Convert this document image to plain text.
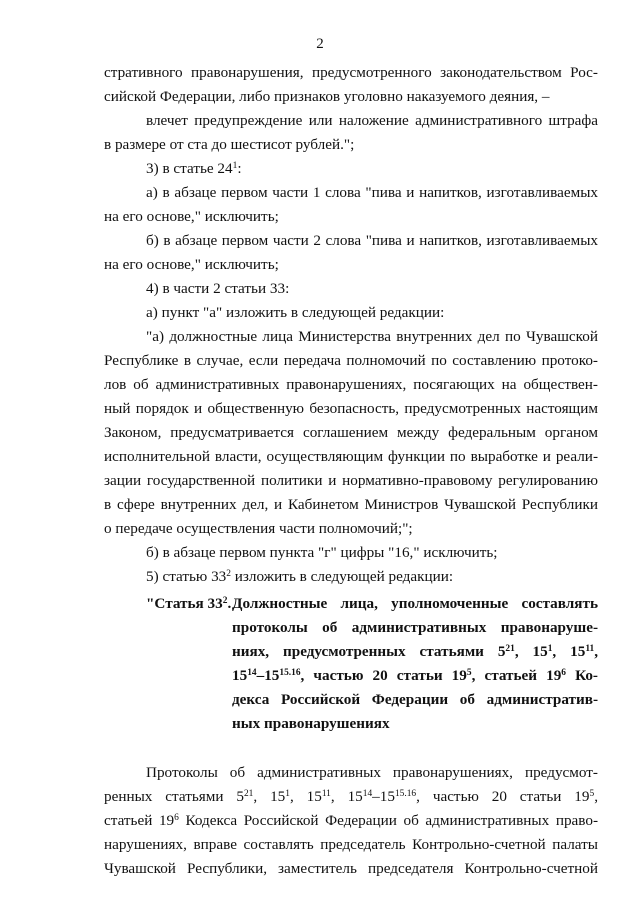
2
стративного правонарушения, предусмотренного законодательством Рос-
сийской Федерации, либо признаков уголовно наказуемого деяния, –
влечет предупреждение или наложение административного штрафа
в размере от ста до шестисот рублей.";
3) в статье $24^1$:
а) в абзаце первом части 1 слова "пива и напитков, изготавливаемых
на его основе," исключить;
б) в абзаце первом части 2 слова "пива и напитков, изготавливаемых
на его основе," исключить;
4) в части 2 статьи 33:
а) пункт "а" изложить в следующей редакции:
"а) должностные лица Министерства внутренних дел по Чувашской
Республике в случае, если передача полномочий по составлению протоко-
лов об административных правонарушениях, посягающих на обществен-
ный порядок и общественную безопасность, предусмотренных настоящим
Законом, предусматривается соглашением между федеральным органом
исполнительной власти, осуществляющим функции по выработке и реали-
зации государственной политики и нормативно-правовому регулированию
в сфере внутренних дел, и Кабинетом Министров Чувашской Республики
о передаче осуществления части полномочий;";
б) в абзаце первом пункта "г" цифры "16," исключить;
5) статью $33^2$ изложить в следующей редакции:
"Статья $33^2$. Должностные лица, уполномоченные составлять
протоколы об административных правонаруше-
ниях, предусмотренных статьями $5^{21}$, $15^1$, $15^{11}$,
$15^{14}-15^{15.16}$, частью 20 статьи $19^5$, статьей $19^6$ Ко-
декса Российской Федерации об административ-
ных правонарушениях
Протоколы об административных правонарушениях, предусмот-
ренных статьями $5^{21}$, $15^1$, $15^{11}$, $15^{14}-15^{15.16}$, частью 20 статьи $19^5$,
статьей $19^6$ Кодекса Российской Федерации об административных право-
нарушениях, вправе составлять председатель Контрольно-счетной палаты
Чувашской Республики, заместитель председателя Контрольно-счетной
